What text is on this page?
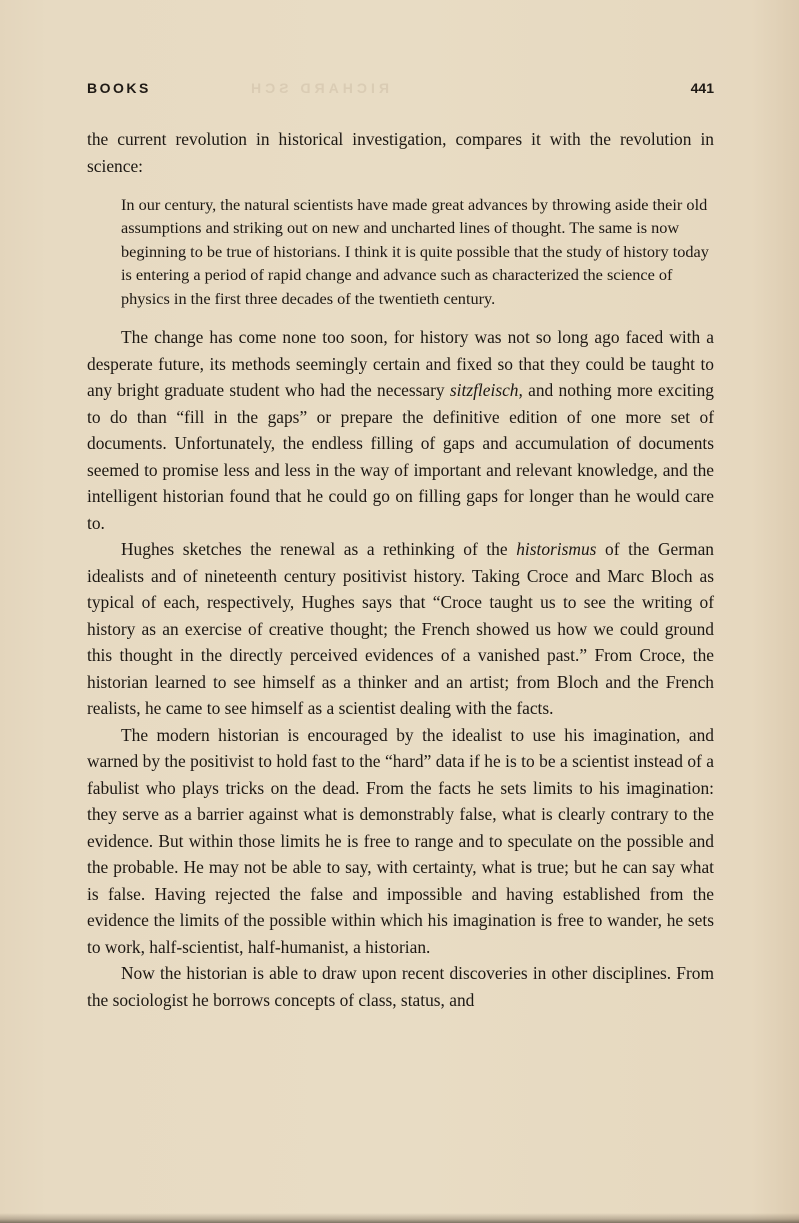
BOOKS	RICHARD SCH	441

the current revolution in historical investigation, compares it with the revolution in science:

In our century, the natural scientists have made great advances by throwing aside their old assumptions and striking out on new and uncharted lines of thought. The same is now beginning to be true of historians. I think it is quite possible that the study of history today is entering a period of rapid change and advance such as characterized the science of physics in the first three decades of the twentieth century.

The change has come none too soon, for history was not so long ago faced with a desperate future, its methods seemingly certain and fixed so that they could be taught to any bright graduate student who had the necessary sitzfleisch, and nothing more exciting to do than “fill in the gaps” or prepare the definitive edition of one more set of documents. Unfortunately, the endless filling of gaps and accumulation of documents seemed to promise less and less in the way of important and relevant knowledge, and the intelligent historian found that he could go on filling gaps for longer than he would care to.

Hughes sketches the renewal as a rethinking of the historismus of the German idealists and of nineteenth century positivist history. Taking Croce and Marc Bloch as typical of each, respectively, Hughes says that “Croce taught us to see the writing of history as an exercise of creative thought; the French showed us how we could ground this thought in the directly perceived evidences of a vanished past.” From Croce, the historian learned to see himself as a thinker and an artist; from Bloch and the French realists, he came to see himself as a scientist dealing with the facts.

The modern historian is encouraged by the idealist to use his imagination, and warned by the positivist to hold fast to the “hard” data if he is to be a scientist instead of a fabulist who plays tricks on the dead. From the facts he sets limits to his imagination: they serve as a barrier against what is demonstrably false, what is clearly contrary to the evidence. But within those limits he is free to range and to speculate on the possible and the probable. He may not be able to say, with certainty, what is true; but he can say what is false. Having rejected the false and impossible and having established from the evidence the limits of the possible within which his imagination is free to wander, he sets to work, half-scientist, half-humanist, a historian.

Now the historian is able to draw upon recent discoveries in other disciplines. From the sociologist he borrows concepts of class, status, and
